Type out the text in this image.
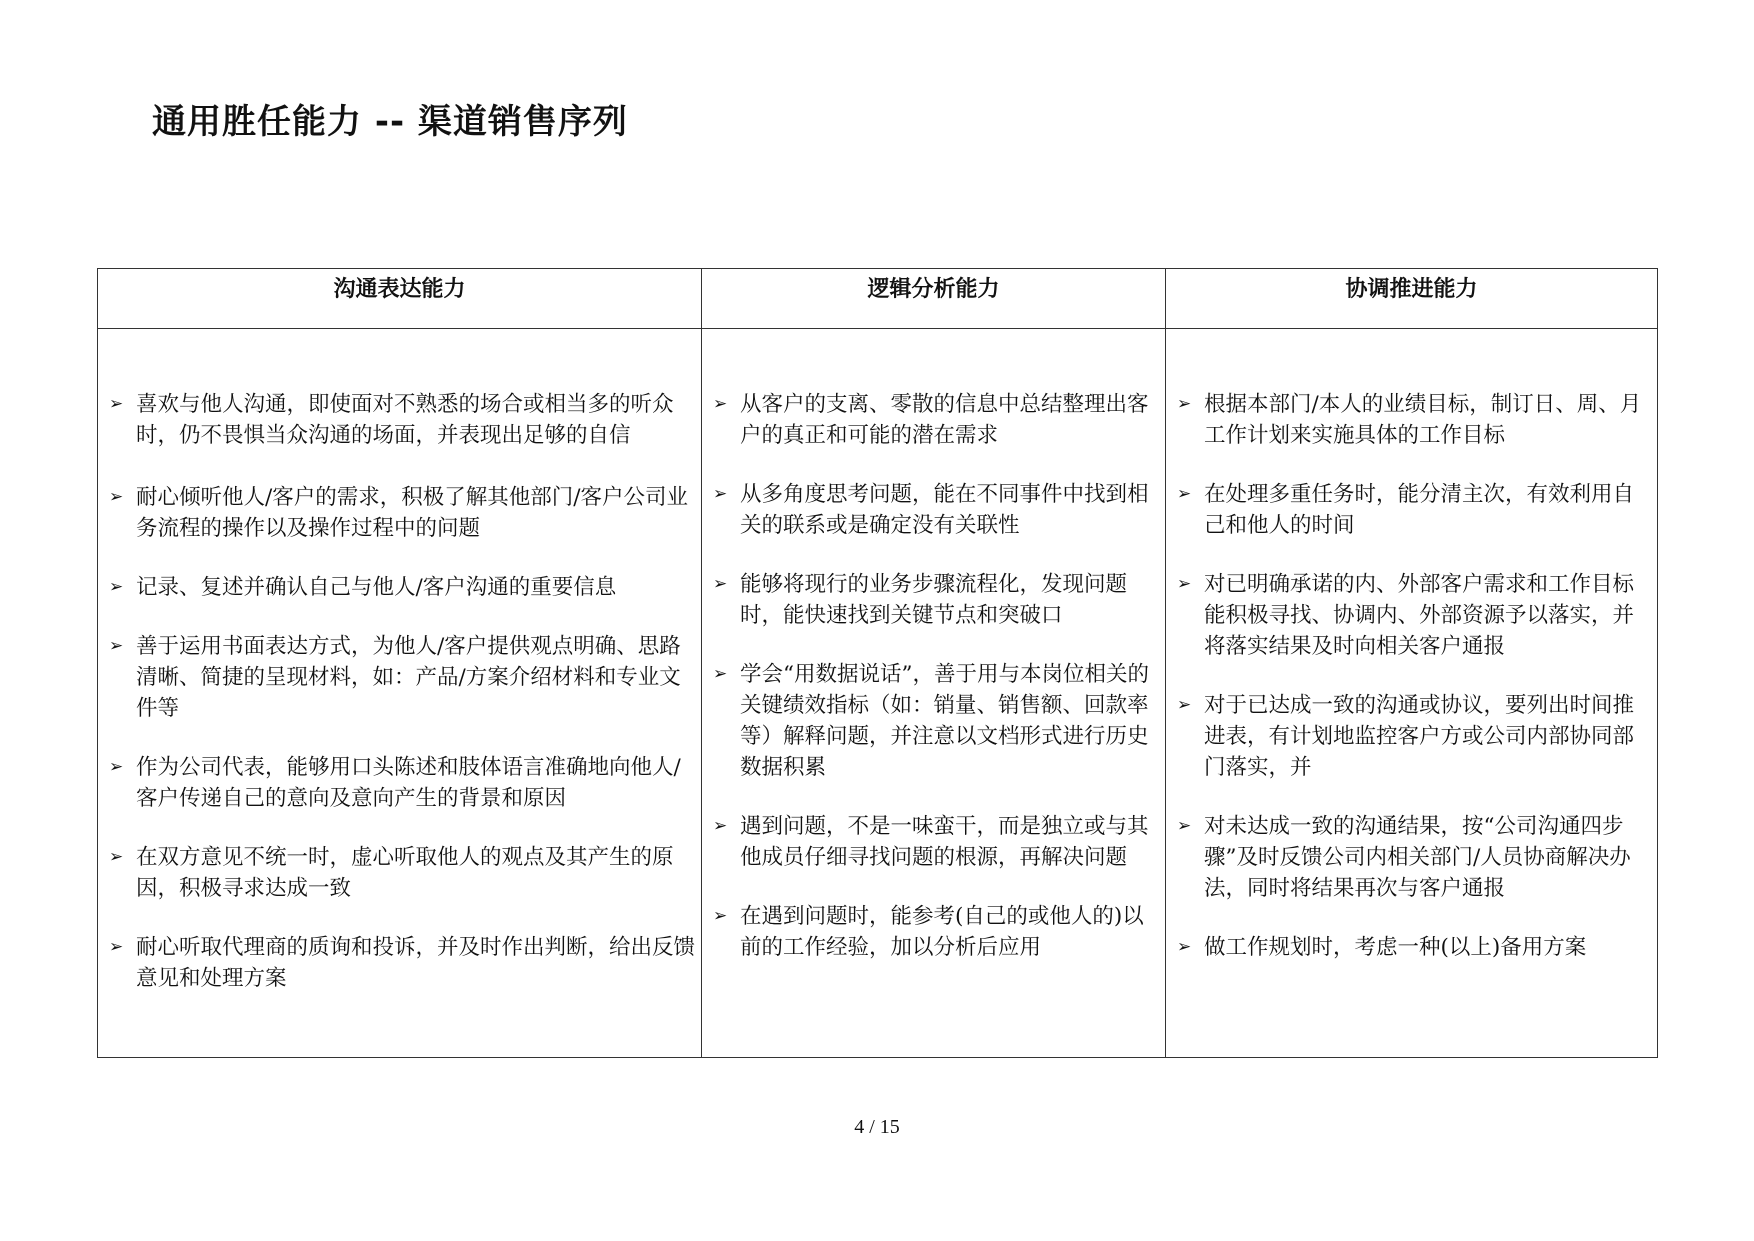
通用胜任能力 -- 渠道销售序列
沟通表达能力	逻辑分析能力	协调推进能力
➢ 喜欢与他人沟通，即使面对不熟悉的场合或相当多的听众时，仍不畏惧当众沟通的场面，并表现出足够的自信
➢ 耐心倾听他人/客户的需求，积极了解其他部门/客户公司业务流程的操作以及操作过程中的问题
➢ 记录、复述并确认自己与他人/客户沟通的重要信息
➢ 善于运用书面表达方式，为他人/客户提供观点明确、思路清晰、简捷的呈现材料，如：产品/方案介绍材料和专业文件等
➢ 作为公司代表，能够用口头陈述和肢体语言准确地向他人/客户传递自己的意向及意向产生的背景和原因
➢ 在双方意见不统一时，虚心听取他人的观点及其产生的原因，积极寻求达成一致
➢ 耐心听取代理商的质询和投诉，并及时作出判断，给出反馈意见和处理方案
➢ 从客户的支离、零散的信息中总结整理出客户的真正和可能的潜在需求
➢ 从多角度思考问题，能在不同事件中找到相关的联系或是确定没有关联性
➢ 能够将现行的业务步骤流程化，发现问题时，能快速找到关键节点和突破口
➢ 学会“用数据说话”，善于用与本岗位相关的关键绩效指标（如：销量、销售额、回款率等）解释问题，并注意以文档形式进行历史数据积累
➢ 遇到问题，不是一味蛮干，而是独立或与其他成员仔细寻找问题的根源，再解决问题
➢ 在遇到问题时，能参考(自己的或他人的)以前的工作经验，加以分析后应用
➢ 根据本部门/本人的业绩目标，制订日、周、月工作计划来实施具体的工作目标
➢ 在处理多重任务时，能分清主次，有效利用自己和他人的时间
➢ 对已明确承诺的内、外部客户需求和工作目标能积极寻找、协调内、外部资源予以落实，并将落实结果及时向相关客户通报
➢ 对于已达成一致的沟通或协议，要列出时间推进表，有计划地监控客户方或公司内部协同部门落实，并
➢ 对未达成一致的沟通结果，按“公司沟通四步骤”及时反馈公司内相关部门/人员协商解决办法，同时将结果再次与客户通报
➢ 做工作规划时，考虑一种(以上)备用方案
4 / 15
